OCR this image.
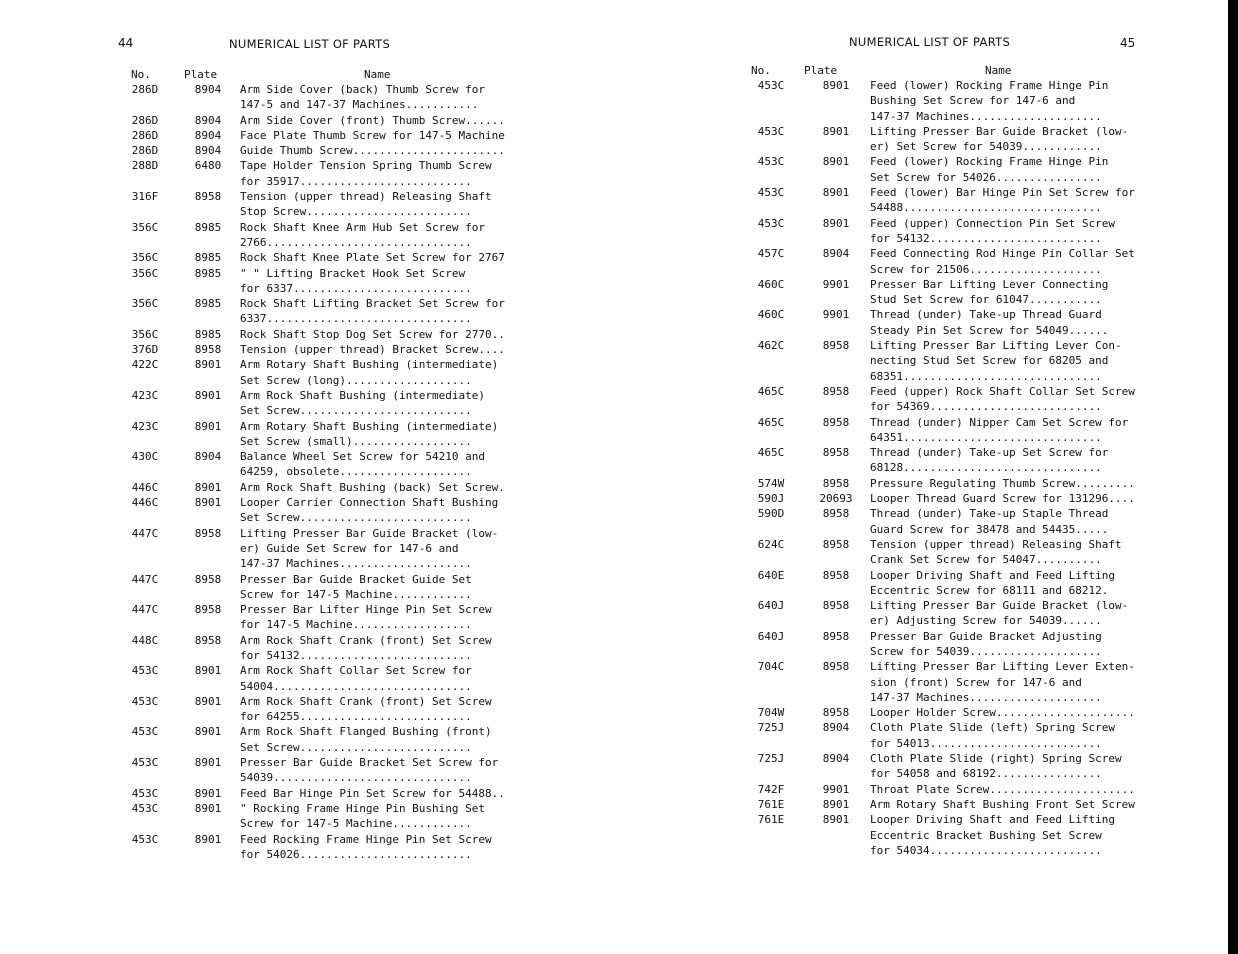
44	NUMERICAL LIST OF PARTS
No.	Plate	Name
286D	8904	Arm Side Cover (back) Thumb Screw for
147-5 and 147-37 Machines...........
286D	8904	Arm Side Cover (front) Thumb Screw......
286D	8904	Face Plate Thumb Screw for 147-5 Machine
286D	8904	Guide Thumb Screw.......................
288D	6480	Tape Holder Tension Spring Thumb Screw
for 35917..........................
316F	8958	Tension (upper thread) Releasing Shaft
Stop Screw.........................
356C	8985	Rock Shaft Knee Arm Hub Set Screw for
2766...............................
356C	8985	Rock Shaft Knee Plate Set Screw for 2767
356C	8985	" " Lifting Bracket Hook Set Screw
for 6337...........................
356C	8985	Rock Shaft Lifting Bracket Set Screw for
6337...............................
356C	8985	Rock Shaft Stop Dog Set Screw for 2770..
376D	8958	Tension (upper thread) Bracket Screw....
422C	8901	Arm Rotary Shaft Bushing (intermediate)
Set Screw (long)...................
423C	8901	Arm Rock Shaft Bushing (intermediate)
Set Screw..........................
423C	8901	Arm Rotary Shaft Bushing (intermediate)
Set Screw (small)..................
430C	8904	Balance Wheel Set Screw for 54210 and
64259, obsolete....................
446C	8901	Arm Rock Shaft Bushing (back) Set Screw.
446C	8901	Looper Carrier Connection Shaft Bushing
Set Screw..........................
447C	8958	Lifting Presser Bar Guide Bracket (low-
er) Guide Set Screw for 147-6 and
147-37 Machines....................
447C	8958	Presser Bar Guide Bracket Guide Set
Screw for 147-5 Machine............
447C	8958	Presser Bar Lifter Hinge Pin Set Screw
for 147-5 Machine..................
448C	8958	Arm Rock Shaft Crank (front) Set Screw
for 54132..........................
453C	8901	Arm Rock Shaft Collar Set Screw for
54004..............................
453C	8901	Arm Rock Shaft Crank (front) Set Screw
for 64255..........................
453C	8901	Arm Rock Shaft Flanged Bushing (front)
Set Screw..........................
453C	8901	Presser Bar Guide Bracket Set Screw for
54039..............................
453C	8901	Feed Bar Hinge Pin Set Screw for 54488..
453C	8901	" Rocking Frame Hinge Pin Bushing Set
Screw for 147-5 Machine............
453C	8901	Feed Rocking Frame Hinge Pin Set Screw
for 54026..........................
45
NUMERICAL LIST OF PARTS
No.	Plate	Name
453C	8901	Feed (lower) Rocking Frame Hinge Pin
Bushing Set Screw for 147-6 and
147-37 Machines....................
453C	8901	Lifting Presser Bar Guide Bracket (low-
er) Set Screw for 54039............
453C	8901	Feed (lower) Rocking Frame Hinge Pin
Set Screw for 54026................
453C	8901	Feed (lower) Bar Hinge Pin Set Screw for
54488..............................
453C	8901	Feed (upper) Connection Pin Set Screw
for 54132..........................
457C	8904	Feed Connecting Rod Hinge Pin Collar Set
Screw for 21506....................
460C	9901	Presser Bar Lifting Lever Connecting
Stud Set Screw for 61047...........
460C	9901	Thread (under) Take-up Thread Guard
Steady Pin Set Screw for 54049......
462C	8958	Lifting Presser Bar Lifting Lever Con-
necting Stud Set Screw for 68205 and
68351..............................
465C	8958	Feed (upper) Rock Shaft Collar Set Screw
for 54369..........................
465C	8958	Thread (under) Nipper Cam Set Screw for
64351..............................
465C	8958	Thread (under) Take-up Set Screw for
68128..............................
574W	8958	Pressure Regulating Thumb Screw.........
590J	20693	Looper Thread Guard Screw for 131296....
590D	8958	Thread (under) Take-up Staple Thread
Guard Screw for 38478 and 54435.....
624C	8958	Tension (upper thread) Releasing Shaft
Crank Set Screw for 54047..........
640E	8958	Looper Driving Shaft and Feed Lifting
Eccentric Screw for 68111 and 68212.
640J	8958	Lifting Presser Bar Guide Bracket (low-
er) Adjusting Screw for 54039......
640J	8958	Presser Bar Guide Bracket Adjusting
Screw for 54039....................
704C	8958	Lifting Presser Bar Lifting Lever Exten-
sion (front) Screw for 147-6 and
147-37 Machines....................
704W	8958	Looper Holder Screw.....................
725J	8904	Cloth Plate Slide (left) Spring Screw
for 54013..........................
725J	8904	Cloth Plate Slide (right) Spring Screw
for 54058 and 68192................
742F	9901	Throat Plate Screw......................
761E	8901	Arm Rotary Shaft Bushing Front Set Screw
761E	8901	Looper Driving Shaft and Feed Lifting
Eccentric Bracket Bushing Set Screw
for 54034..........................
